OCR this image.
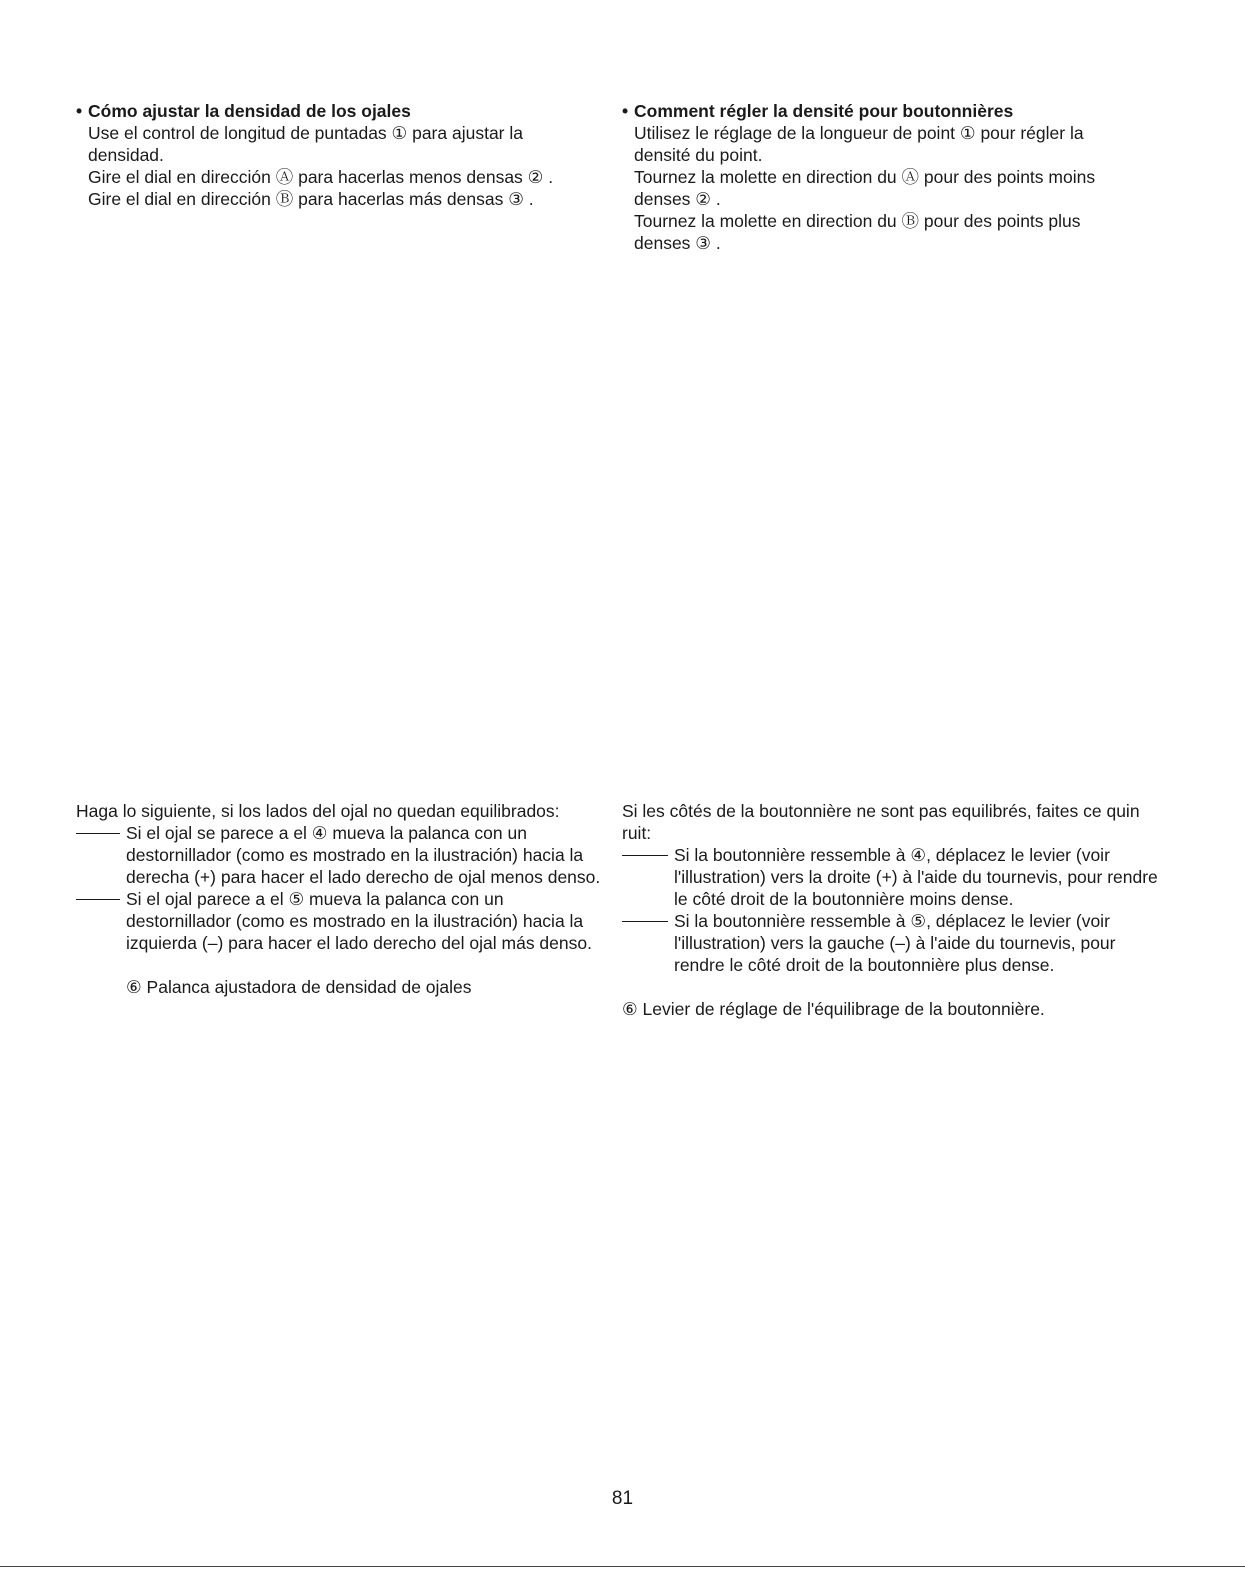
• Cómo ajustar la densidad de los ojales

Use el control de longitud de puntadas ① para ajustar la

densidad.

Gire el dial en dirección Ⓐ para hacerlas menos densas ② .

Gire el dial en dirección Ⓑ para hacerlas más densas ③ .

• Comment régler la densité pour boutonnières

Utilisez le réglage de la longueur de point ① pour régler la

densité du point.

Tournez la molette en direction du Ⓐ pour des points moins

denses ② .

Tournez la molette en direction du Ⓑ pour des points plus

denses ③ .

Haga lo siguiente, si los lados del ojal no quedan equilibrados:

Si el ojal se parece a el ④ mueva la palanca con un destornillador (como es mostrado en la ilustración) hacia la derecha (+) para hacer el lado derecho de ojal menos denso.
Si el ojal parece a el ⑤ mueva la palanca con un destornillador (como es mostrado en la ilustración) hacia la izquierda (–) para hacer el lado derecho del ojal más denso.

⑥ Palanca ajustadora de densidad de ojales

Si les côtés de la boutonnière ne sont pas equilibrés, faites ce quin ruit:

Si la boutonnière ressemble à ④, déplacez le levier (voir l'illustration) vers la droite (+) à l'aide du tournevis, pour rendre le côté droit de la boutonnière moins dense.
Si la boutonnière ressemble à ⑤, déplacez le levier (voir l'illustration) vers la gauche (–) à l'aide du tournevis, pour rendre le côté droit de la boutonnière plus dense.

⑥ Levier de réglage de l'équilibrage de la boutonnière.

81
